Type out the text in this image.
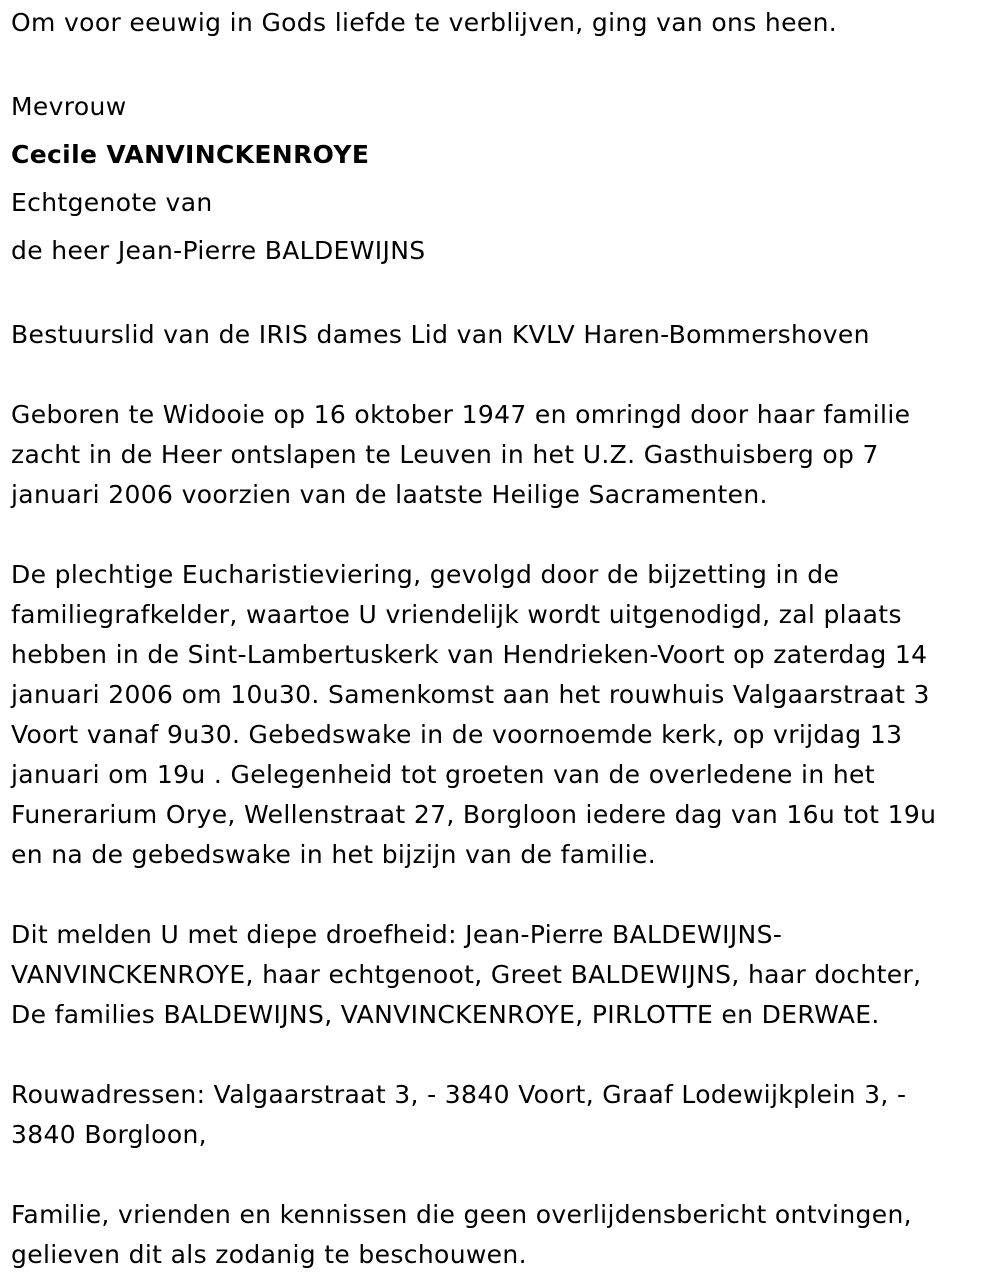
Om voor eeuwig in Gods liefde te verblijven, ging van ons heen.
Mevrouw
Cecile VANVINCKENROYE
Echtgenote van
de heer Jean-Pierre BALDEWIJNS
Bestuurslid van de IRIS dames Lid van KVLV Haren-Bommershoven
Geboren te Widooie op 16 oktober 1947 en omringd door haar familie
zacht in de Heer ontslapen te Leuven in het U.Z. Gasthuisberg op 7
januari 2006 voorzien van de laatste Heilige Sacramenten.
De plechtige Eucharistieviering, gevolgd door de bijzetting in de
familiegrafkelder, waartoe U vriendelijk wordt uitgenodigd, zal plaats
hebben in de Sint-Lambertuskerk van Hendrieken-Voort op zaterdag 14
januari 2006 om 10u30. Samenkomst aan het rouwhuis Valgaarstraat 3
Voort vanaf 9u30. Gebedswake in de voornoemde kerk, op vrijdag 13
januari om 19u . Gelegenheid tot groeten van de overledene in het
Funerarium Orye, Wellenstraat 27, Borgloon iedere dag van 16u tot 19u
en na de gebedswake in het bijzijn van de familie.
Dit melden U met diepe droefheid: Jean-Pierre BALDEWIJNS-
VANVINCKENROYE, haar echtgenoot, Greet BALDEWIJNS, haar dochter,
De families BALDEWIJNS, VANVINCKENROYE, PIRLOTTE en DERWAE.
Rouwadressen: Valgaarstraat 3, - 3840 Voort, Graaf Lodewijkplein 3, -
3840 Borgloon,
Familie, vrienden en kennissen die geen overlijdensbericht ontvingen,
gelieven dit als zodanig te beschouwen.
